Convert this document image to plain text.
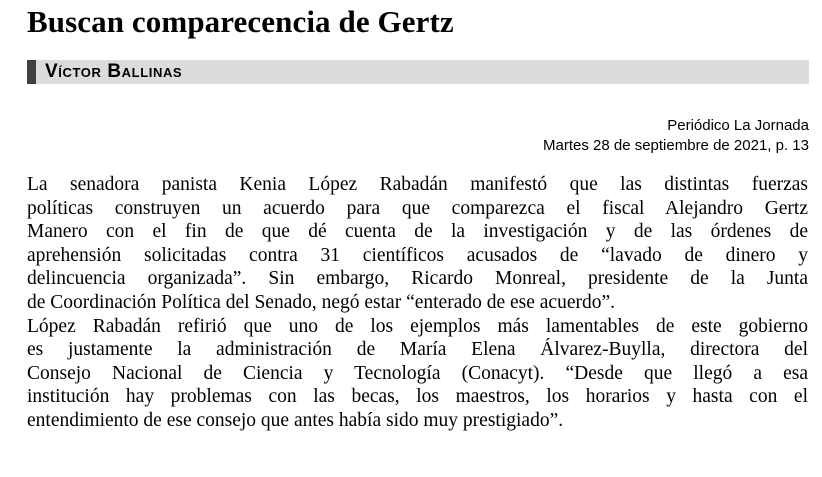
Buscan comparecencia de Gertz
Víctor Ballinas
Periódico La Jornada
Martes 28 de septiembre de 2021, p. 13
La senadora panista Kenia López Rabadán manifestó que las distintas fuerzas
políticas construyen un acuerdo para que comparezca el fiscal Alejandro Gertz
Manero con el fin de que dé cuenta de la investigación y de las órdenes de
aprehensión solicitadas contra 31 científicos acusados de “lavado de dinero y
delincuencia organizada”. Sin embargo, Ricardo Monreal, presidente de la Junta
de Coordinación Política del Senado, negó estar “enterado de ese acuerdo”.
López Rabadán refirió que uno de los ejemplos más lamentables de este gobierno
es justamente la administración de María Elena Álvarez-Buylla, directora del
Consejo Nacional de Ciencia y Tecnología (Conacyt). “Desde que llegó a esa
institución hay problemas con las becas, los maestros, los horarios y hasta con el
entendimiento de ese consejo que antes había sido muy prestigiado”.
